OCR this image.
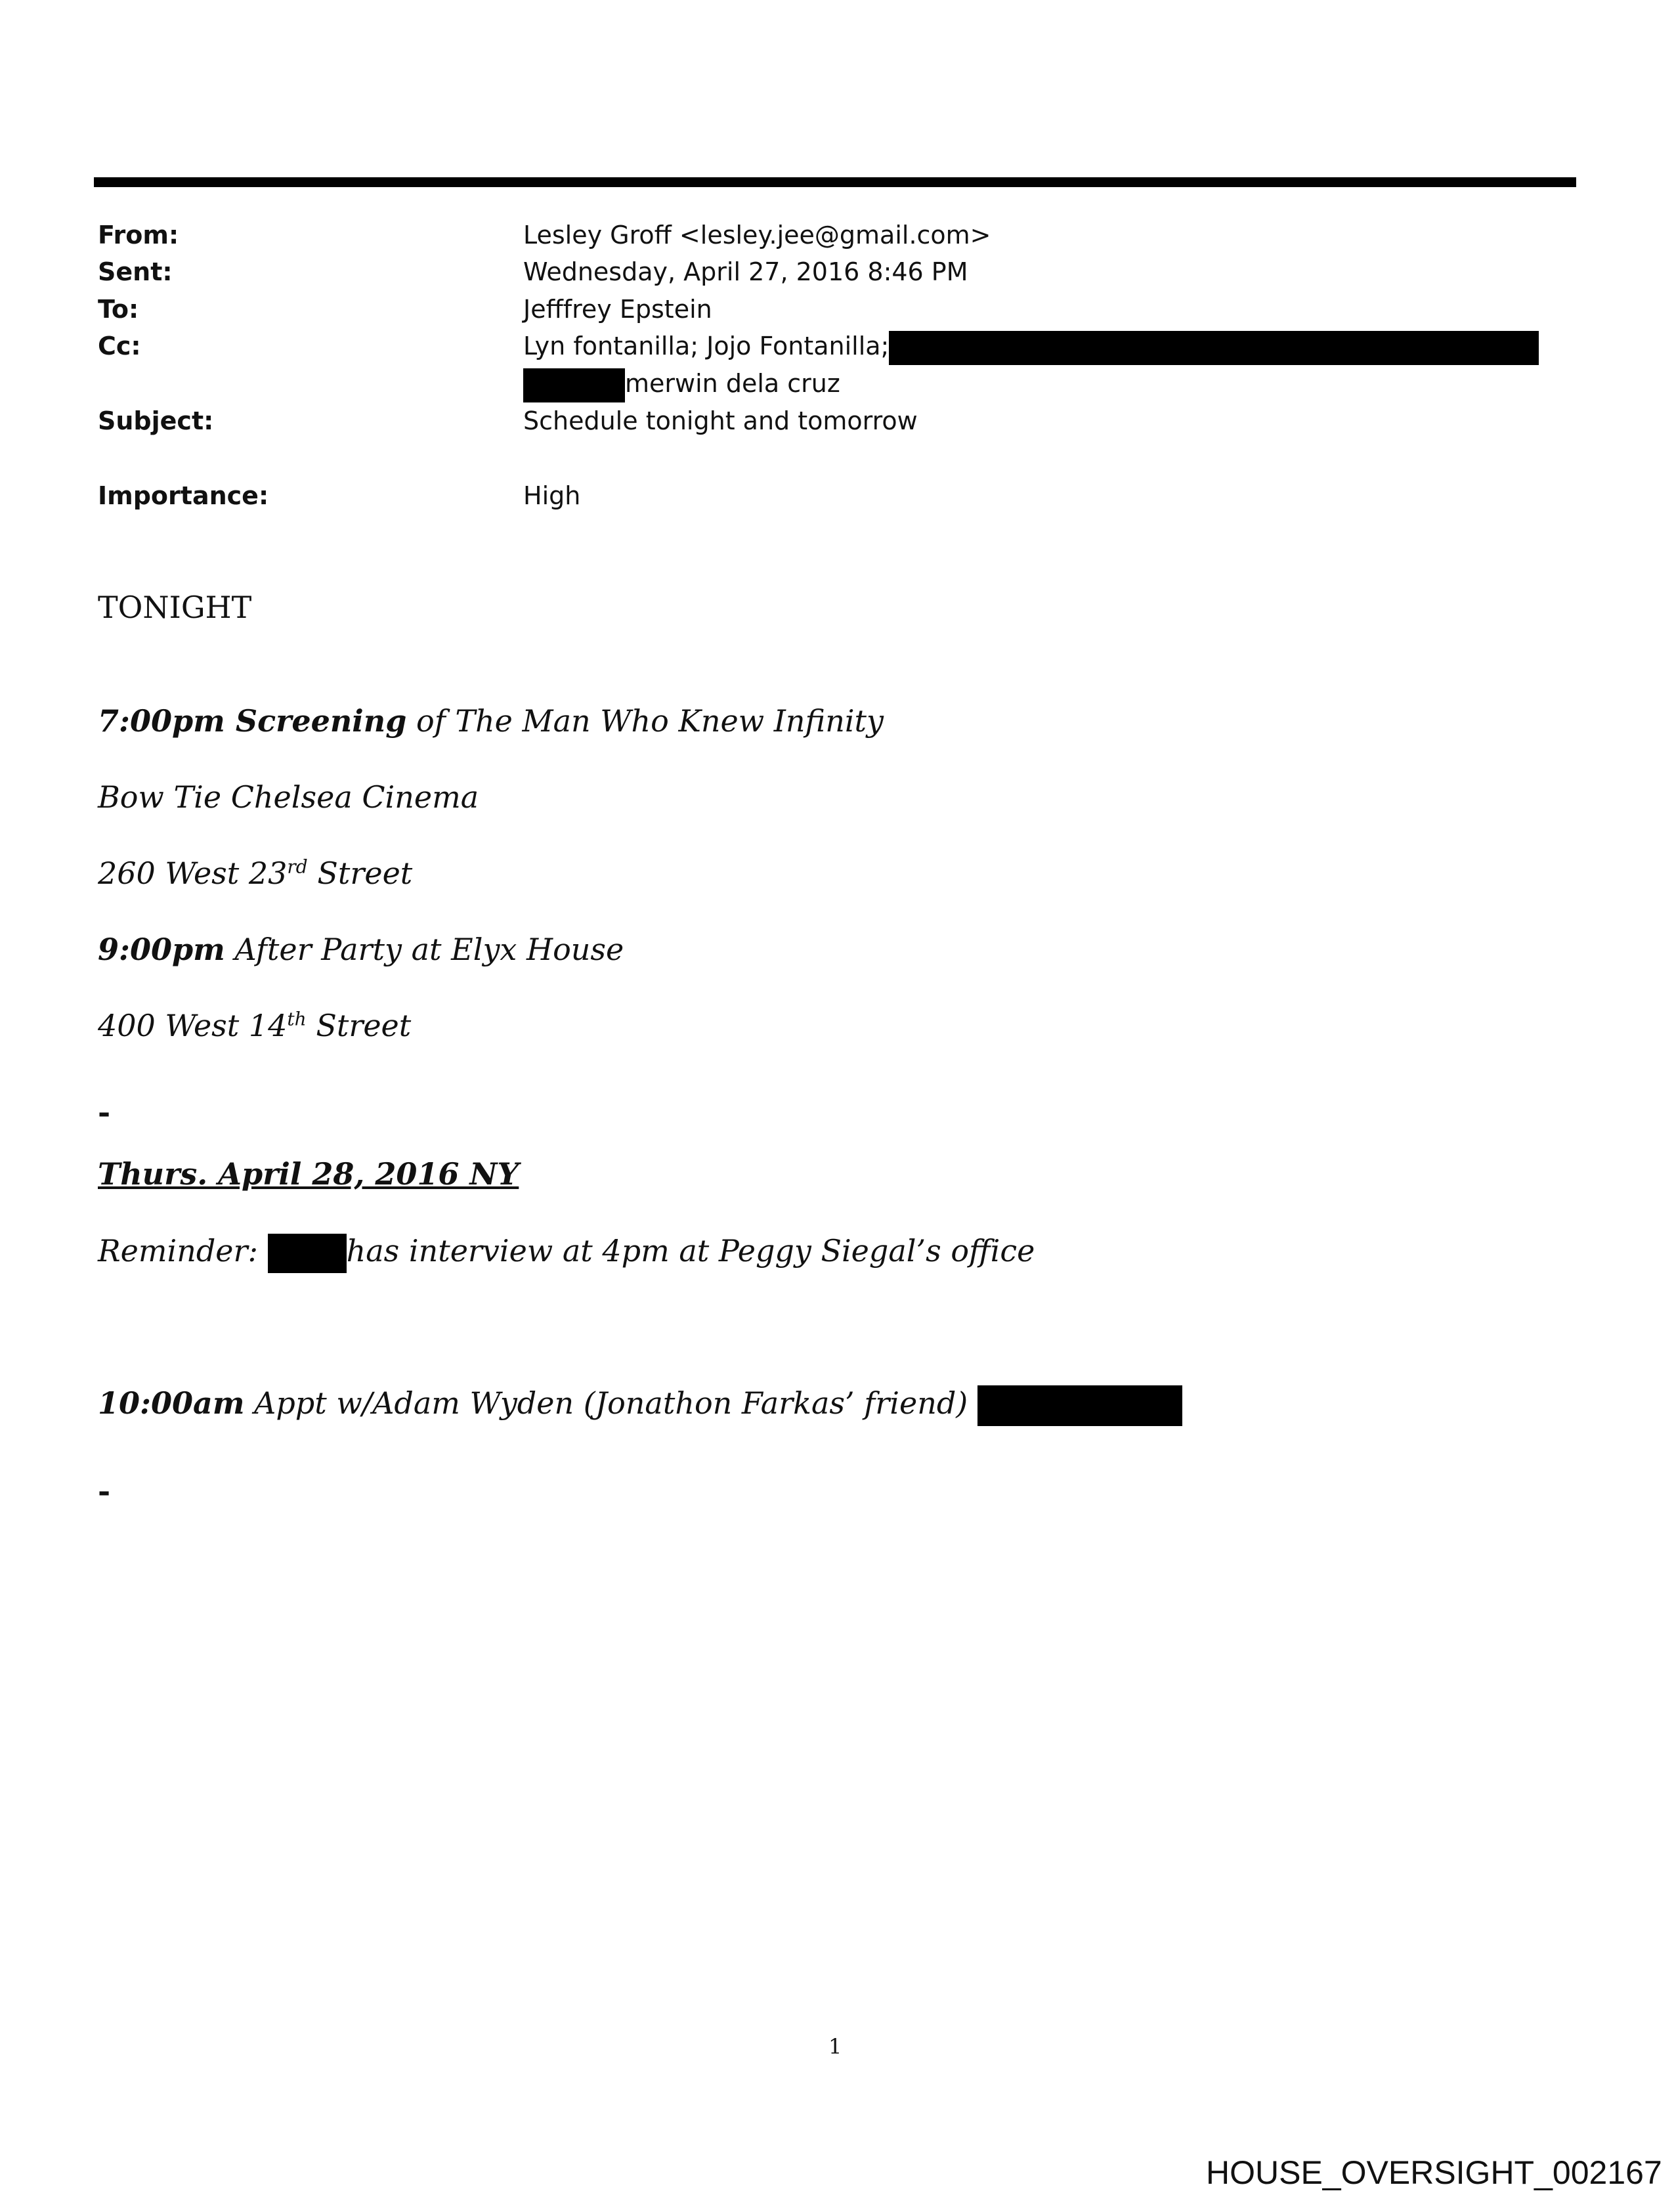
From:	Lesley Groff <lesley.jee@gmail.com>
Sent:	Wednesday, April 27, 2016 8:46 PM
To:	Jefffrey Epstein
Cc:	Lyn fontanilla; Jojo Fontanilla;
merwin dela cruz
Subject:	Schedule tonight and tomorrow
Importance:	High
TONIGHT
7:00pm Screening of The Man Who Knew Infinity
Bow Tie Chelsea Cinema
260 West 23rd Street
9:00pm After Party at Elyx House
400 West 14th Street
-
Thurs. April 28, 2016 NY
Reminder:	has interview at 4pm at Peggy Siegal’s office
10:00am Appt w/Adam Wyden (Jonathon Farkas’ friend)
-
1
HOUSE_OVERSIGHT_002167
